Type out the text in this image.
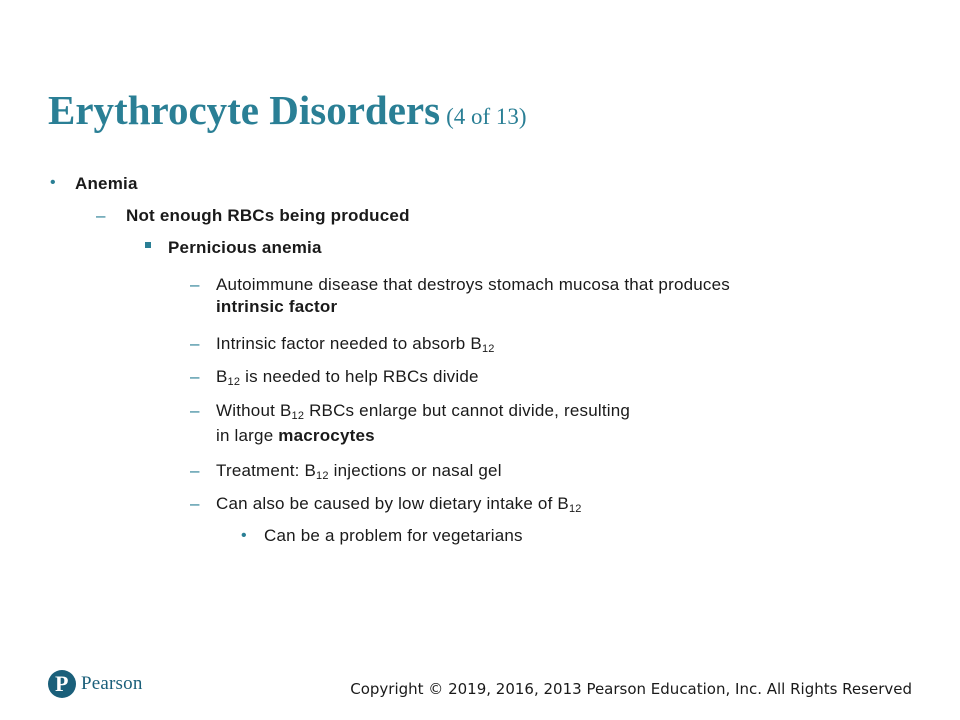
Erythrocyte Disorders (4 of 13)
• Anemia
– Not enough RBCs being produced
Pernicious anemia
– Autoimmune disease that destroys stomach mucosa that produces
intrinsic factor
– Intrinsic factor needed to absorb $B_{12}$
– $B_{12}$ is needed to help RBCs divide
– Without $B_{12}$ RBCs enlarge but cannot divide, resulting
in large macrocytes
– Treatment: $B_{12}$ injections or nasal gel
– Can also be caused by low dietary intake of $B_{12}$
• Can be a problem for vegetarians
P Pearson	Copyright © 2019, 2016, 2013 Pearson Education, Inc. All Rights Reserved
